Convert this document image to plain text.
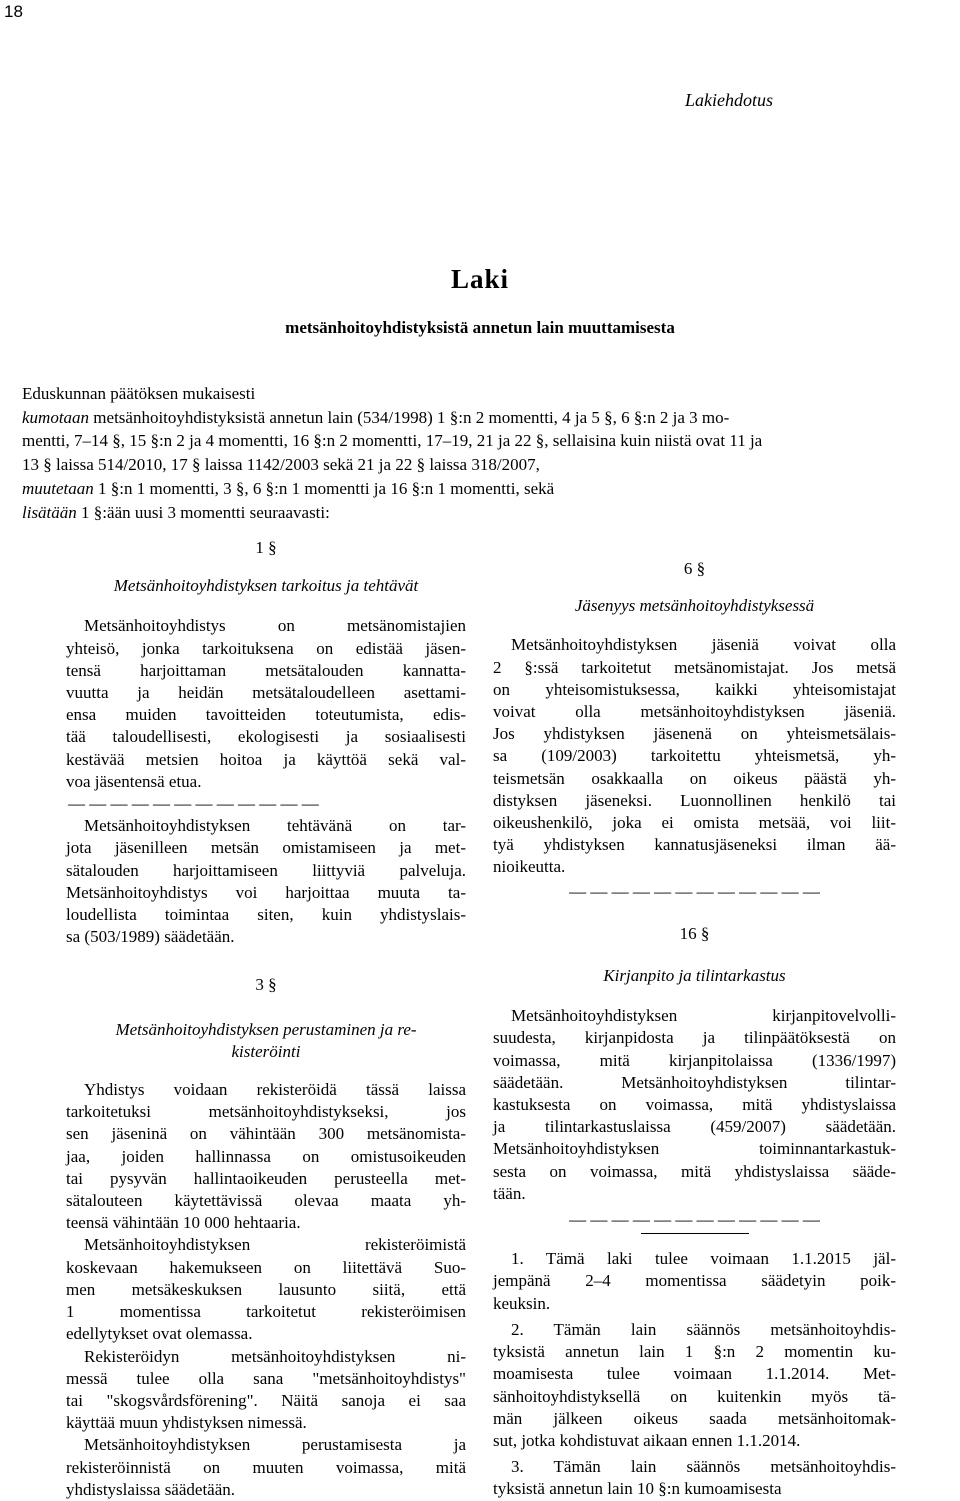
18
Lakiehdotus
Laki
metsänhoitoyhdistyksistä annetun lain muuttamisesta
Eduskunnan päätöksen mukaisesti
kumotaan metsänhoitoyhdistyksistä annetun lain (534/1998) 1 §:n 2 momentti, 4 ja 5 §, 6 §:n 2 ja 3 mo-
mentti, 7–14 §, 15 §:n 2 ja 4 momentti, 16 §:n 2 momentti, 17–19, 21 ja 22 §, sellaisina kuin niistä ovat 11 ja
13 § laissa 514/2010, 17 § laissa 1142/2003 sekä 21 ja 22 § laissa 318/2007,
muutetaan 1 §:n 1 momentti, 3 §, 6 §:n 1 momentti ja 16 §:n 1 momentti, sekä
lisätään 1 §:ään uusi 3 momentti seuraavasti:
1 §
Metsänhoitoyhdistyksen tarkoitus ja tehtävät
Metsänhoitoyhdistys on metsänomistajien
yhteisö, jonka tarkoituksena on edistää jäsen-
tensä harjoittaman metsätalouden kannatta-
vuutta ja heidän metsätaloudelleen asettami-
ensa muiden tavoitteiden toteutumista, edis-
tää taloudellisesti, ekologisesti ja sosiaalisesti
kestävää metsien hoitoa ja käyttöä sekä val-
voa jäsentensä etua.
— — — — — — — — — — — —
Metsänhoitoyhdistyksen tehtävänä on tar-
jota jäsenilleen metsän omistamiseen ja met-
sätalouden harjoittamiseen liittyviä palveluja.
Metsänhoitoyhdistys voi harjoittaa muuta ta-
loudellista toimintaa siten, kuin yhdistyslais-
sa (503/1989) säädetään.
3 §
Metsänhoitoyhdistyksen perustaminen ja re-
kisteröinti
Yhdistys voidaan rekisteröidä tässä laissa
tarkoitetuksi metsänhoitoyhdistykseksi, jos
sen jäseninä on vähintään 300 metsänomista-
jaa, joiden hallinnassa on omistusoikeuden
tai pysyvän hallintaoikeuden perusteella met-
sätalouteen käytettävissä olevaa maata yh-
teensä vähintään 10 000 hehtaaria.
Metsänhoitoyhdistyksen rekisteröimistä
koskevaan hakemukseen on liitettävä Suo-
men metsäkeskuksen lausunto siitä, että
1 momentissa tarkoitetut rekisteröimisen
edellytykset ovat olemassa.
Rekisteröidyn metsänhoitoyhdistyksen ni-
messä tulee olla sana "metsänhoitoyhdistys"
tai "skogsvårdsförening". Näitä sanoja ei saa
käyttää muun yhdistyksen nimessä.
Metsänhoitoyhdistyksen perustamisesta ja
rekisteröinnistä on muuten voimassa, mitä
yhdistyslaissa säädetään.
6 §
Jäsenyys metsänhoitoyhdistyksessä
Metsänhoitoyhdistyksen jäseniä voivat olla
2 §:ssä tarkoitetut metsänomistajat. Jos metsä
on yhteisomistuksessa, kaikki yhteisomistajat
voivat olla metsänhoitoyhdistyksen jäseniä.
Jos yhdistyksen jäsenenä on yhteismetsälais-
sa (109/2003) tarkoitettu yhteismetsä, yh-
teismetsän osakkaalla on oikeus päästä yh-
distyksen jäseneksi. Luonnollinen henkilö tai
oikeushenkilö, joka ei omista metsää, voi liit-
tyä yhdistyksen kannatusjäseneksi ilman ää-
nioikeutta.
— — — — — — — — — — — —
16 §
Kirjanpito ja tilintarkastus
Metsänhoitoyhdistyksen kirjanpitovelvolli-
suudesta, kirjanpidosta ja tilinpäätöksestä on
voimassa, mitä kirjanpitolaissa (1336/1997)
säädetään. Metsänhoitoyhdistyksen tilintar-
kastuksesta on voimassa, mitä yhdistyslaissa
ja tilintarkastuslaissa (459/2007) säädetään.
Metsänhoitoyhdistyksen toiminnantarkastuk-
sesta on voimassa, mitä yhdistyslaissa sääde-
tään.
— — — — — — — — — — — —
1. Tämä laki tulee voimaan 1.1.2015 jäl-
jempänä 2–4 momentissa säädetyin poik-
keuksin.
2. Tämän lain säännös metsänhoitoyhdis-
tyksistä annetun lain 1 §:n 2 momentin ku-
moamisesta tulee voimaan 1.1.2014. Met-
sänhoitoyhdistyksellä on kuitenkin myös tä-
män jälkeen oikeus saada metsänhoitomak-
sut, jotka kohdistuvat aikaan ennen 1.1.2014.
3. Tämän lain säännös metsänhoitoyhdis-
tyksistä annetun lain 10 §:n kumoamisesta
